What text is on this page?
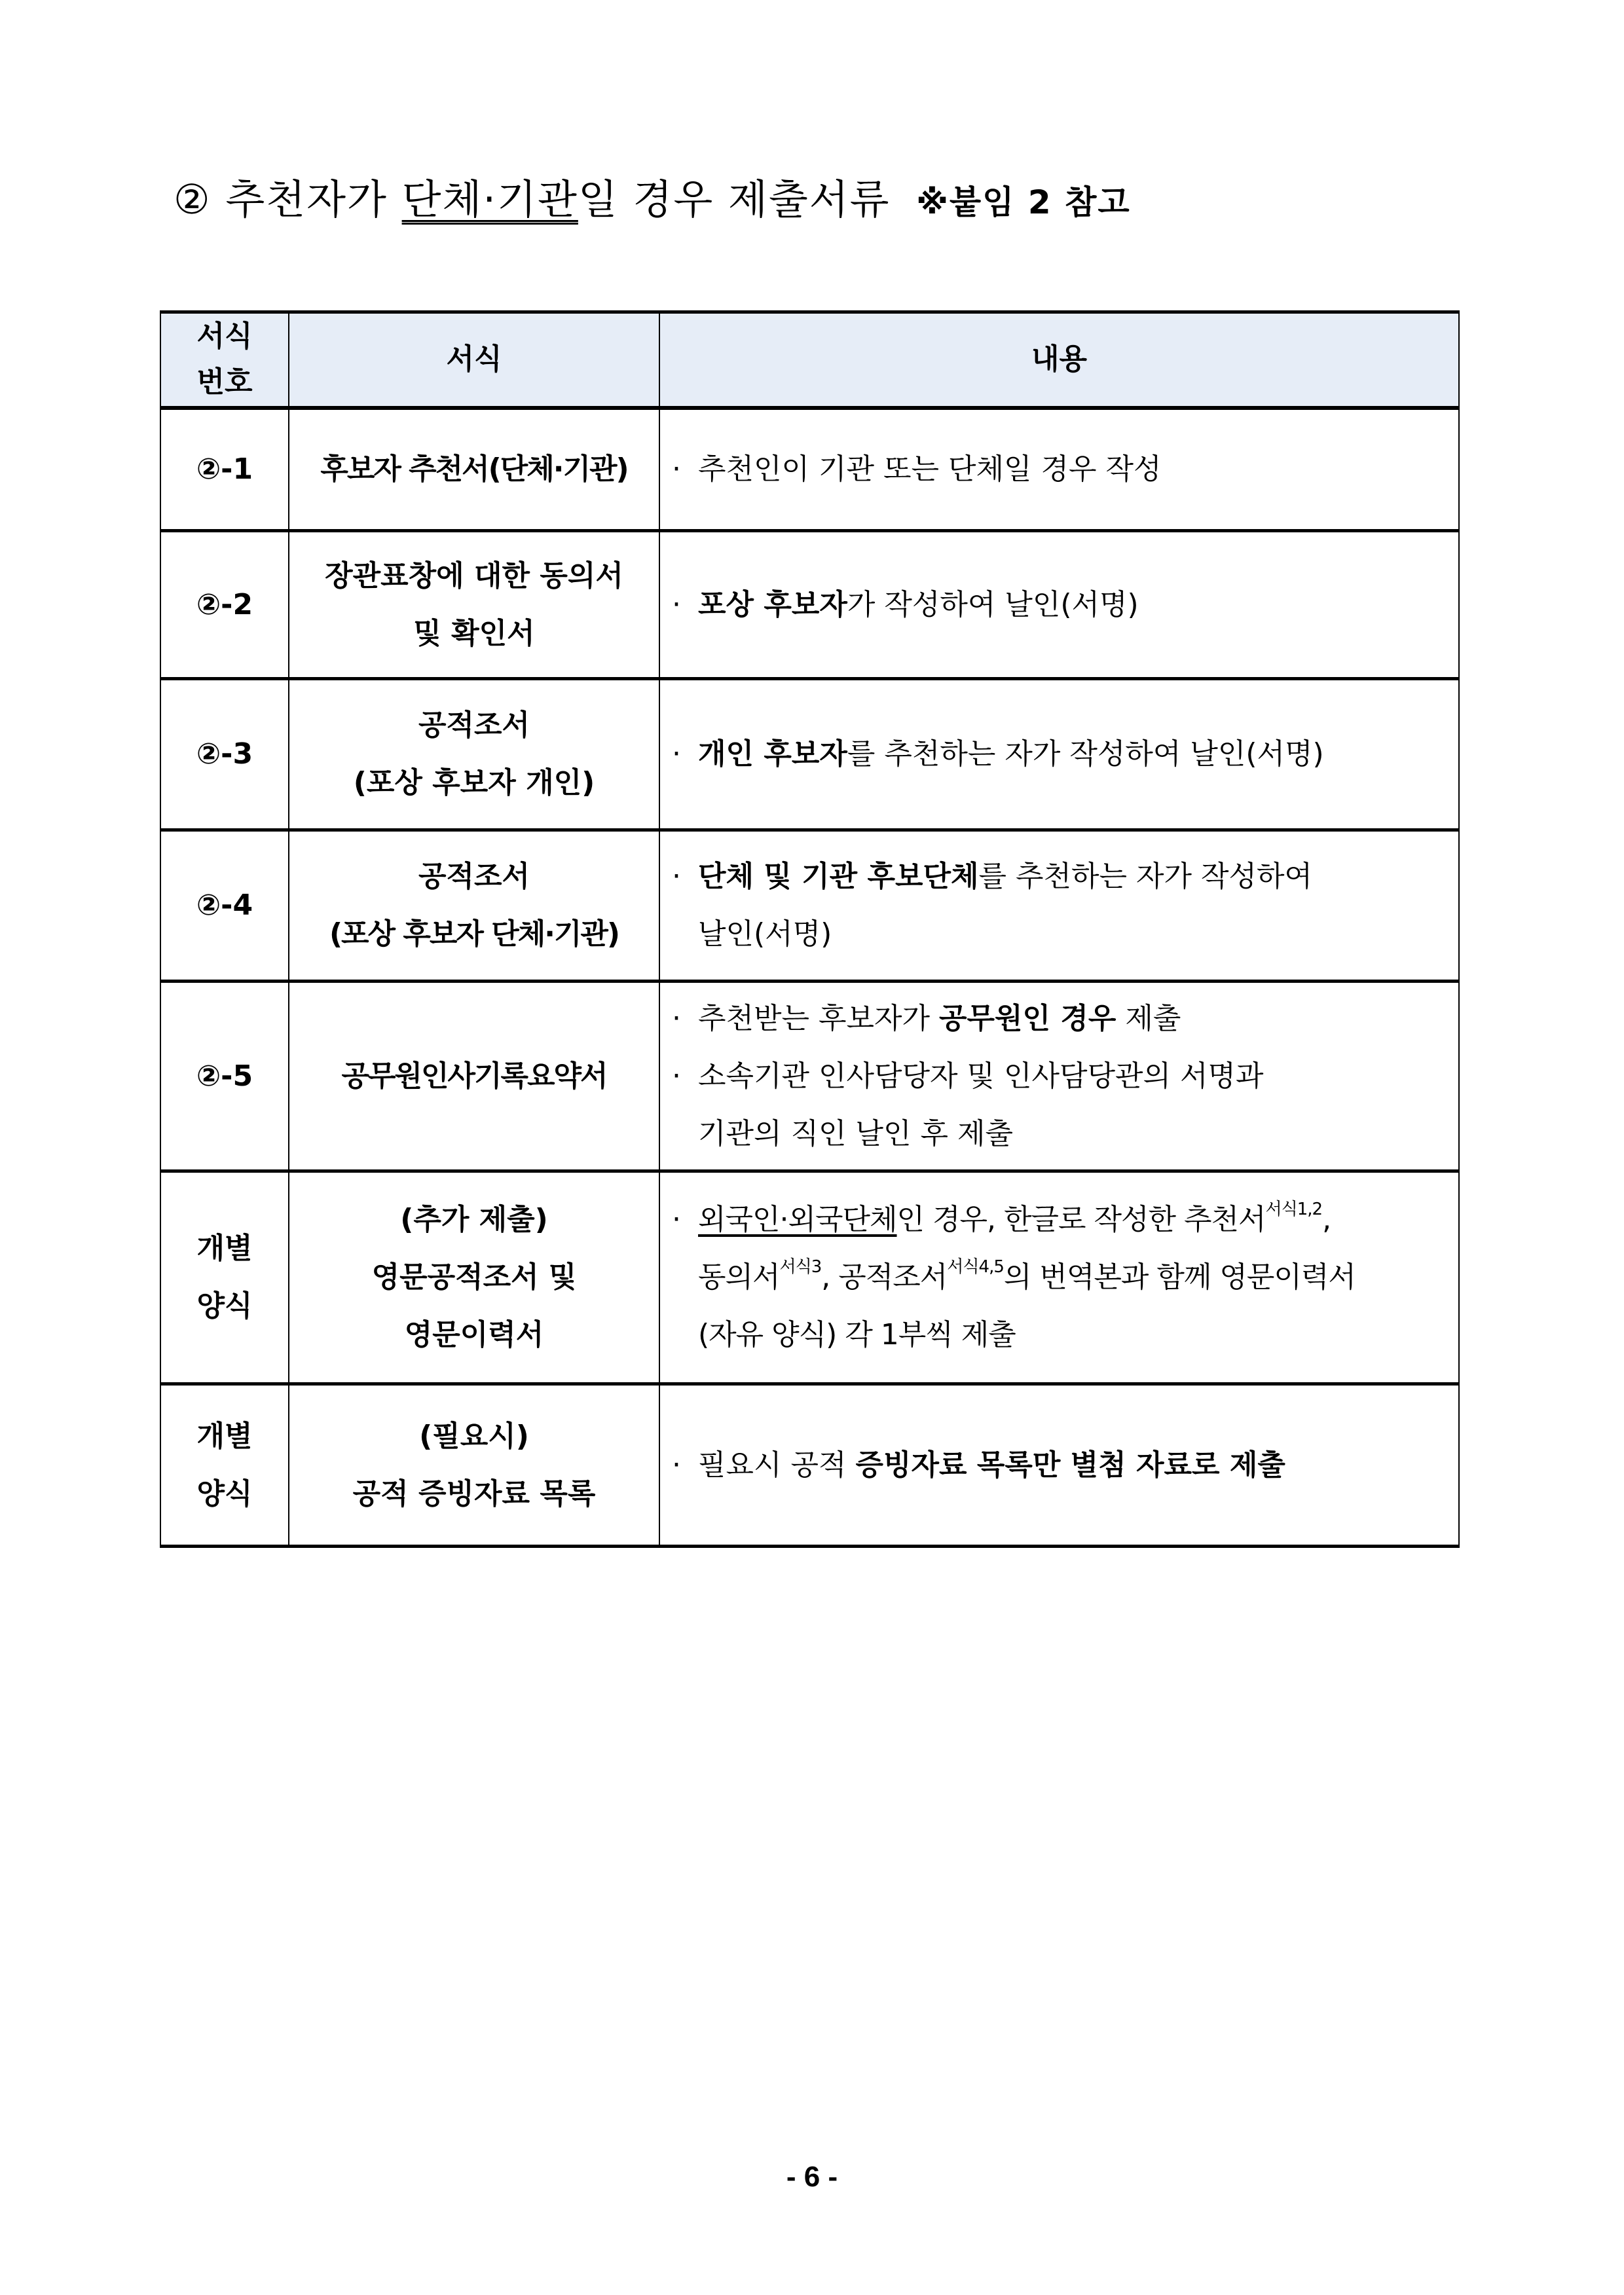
② 추천자가 단체·기관일 경우 제출서류 ※붙임 2 참고
서식
번호	서식	내용
②-1	후보자 추천서(단체·기관)	· 추천인이 기관 또는 단체일 경우 작성

②-2	장관표창에 대한 동의서
및 확인서	· 포상 후보자가 작성하여 날인(서명)

②-3	공적조서
(포상 후보자 개인)	· 개인 후보자를 추천하는 자가 작성하여 날인(서명)

②-4	공적조서
(포상 후보자 단체·기관)	· 단체 및 기관 후보단체를 추천하는 자가 작성하여
날인(서명)

②-5	공무원인사기록요약서	· 추천받는 후보자가 공무원인 경우 제출
· 소속기관 인사담당자 및 인사담당관의 서명과
기관의 직인 날인 후 제출

개별
양식	(추가 제출)
영문공적조서 및
영문이력서	· 외국인·외국단체인 경우, 한글로 작성한 추천서$^{서식1,2}$,
동의서$^{서식3}$, 공적조서$^{서식4,5}$의 번역본과 함께 영문이력서
(자유 양식) 각 1부씩 제출

개별
양식	(필요시)
공적 증빙자료 목록	· 필요시 공적 증빙자료 목록만 별첨 자료로 제출
- 6 -
